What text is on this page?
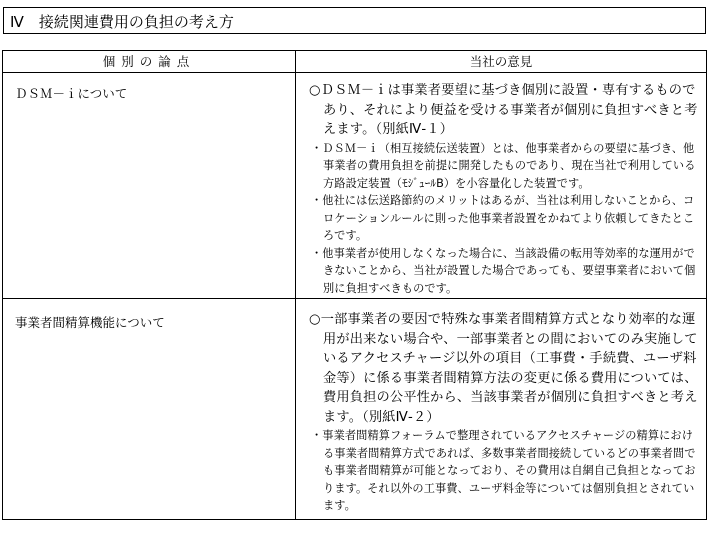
Ⅳ　接続関連費用の負担の考え方
個別の論点	当社の意見
ＤＳＭ－ｉについて	○ＤＳＭ－ｉは事業者要望に基づき個別に設置・専有するものであり、それにより便益を受ける事業者が個別に負担すべきと考えます。（別紙Ⅳ-１）

・ＤＳＭ－ｉ（相互接続伝送装置）とは、他事業者からの要望に基づき、他事業者の費用負担を前提に開発したものであり、現在当社で利用している方路設定装置（ﾓｼﾞｭｰﾙB）を小容量化した装置です。

・他社には伝送路節約のメリットはあるが、当社は利用しないことから、コロケーションルールに則った他事業者設置をかねてより依頼してきたところです。

・他事業者が使用しなくなった場合に、当該設備の転用等効率的な運用ができないことから、当社が設置した場合であっても、要望事業者において個別に負担すべきものです。

事業者間精算機能について	○一部事業者の要因で特殊な事業者間精算方式となり効率的な運用が出来ない場合や、一部事業者との間においてのみ実施しているアクセスチャージ以外の項目（工事費・手続費、ユーザ料金等）に係る事業者間精算方法の変更に係る費用については、費用負担の公平性から、当該事業者が個別に負担すべきと考えます。（別紙Ⅳ-２）

・事業者間精算フォーラムで整理されているアクセスチャージの精算における事業者間精算方式であれば、多数事業者間接続しているどの事業者間でも事業者間精算が可能となっており、その費用は自網自己負担となっております。それ以外の工事費、ユーザ料金等については個別負担とされています。
